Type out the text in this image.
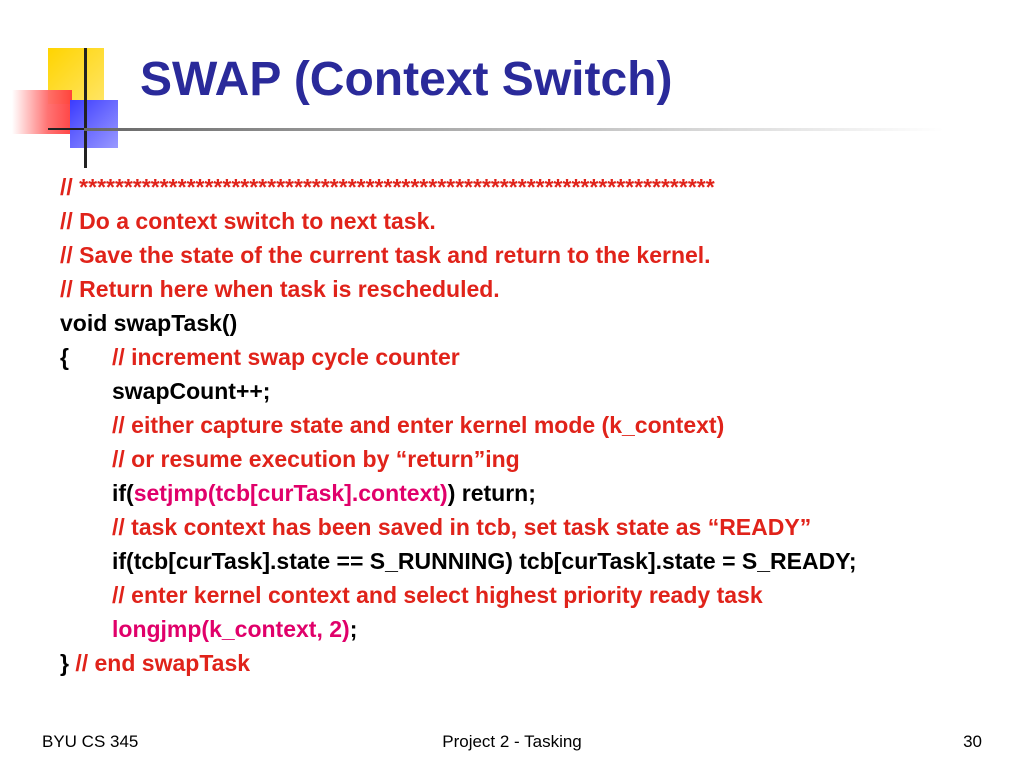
SWAP (Context Switch)
// ***********************************************************************
// Do a context switch to next task.
// Save the state of the current task and return to the kernel.
// Return here when task is rescheduled.
void swapTask()
{ // increment swap cycle counter
swapCount++;
// either capture state and enter kernel mode (k_context)
// or resume execution by “return”ing
if(setjmp(tcb[curTask].context)) return;
// task context has been saved in tcb, set task state as “READY”
if(tcb[curTask].state == S_RUNNING) tcb[curTask].state = S_READY;
// enter kernel context and select highest priority ready task
longjmp(k_context, 2);
} // end swapTask
BYU CS 345	Project 2 - Tasking	30
